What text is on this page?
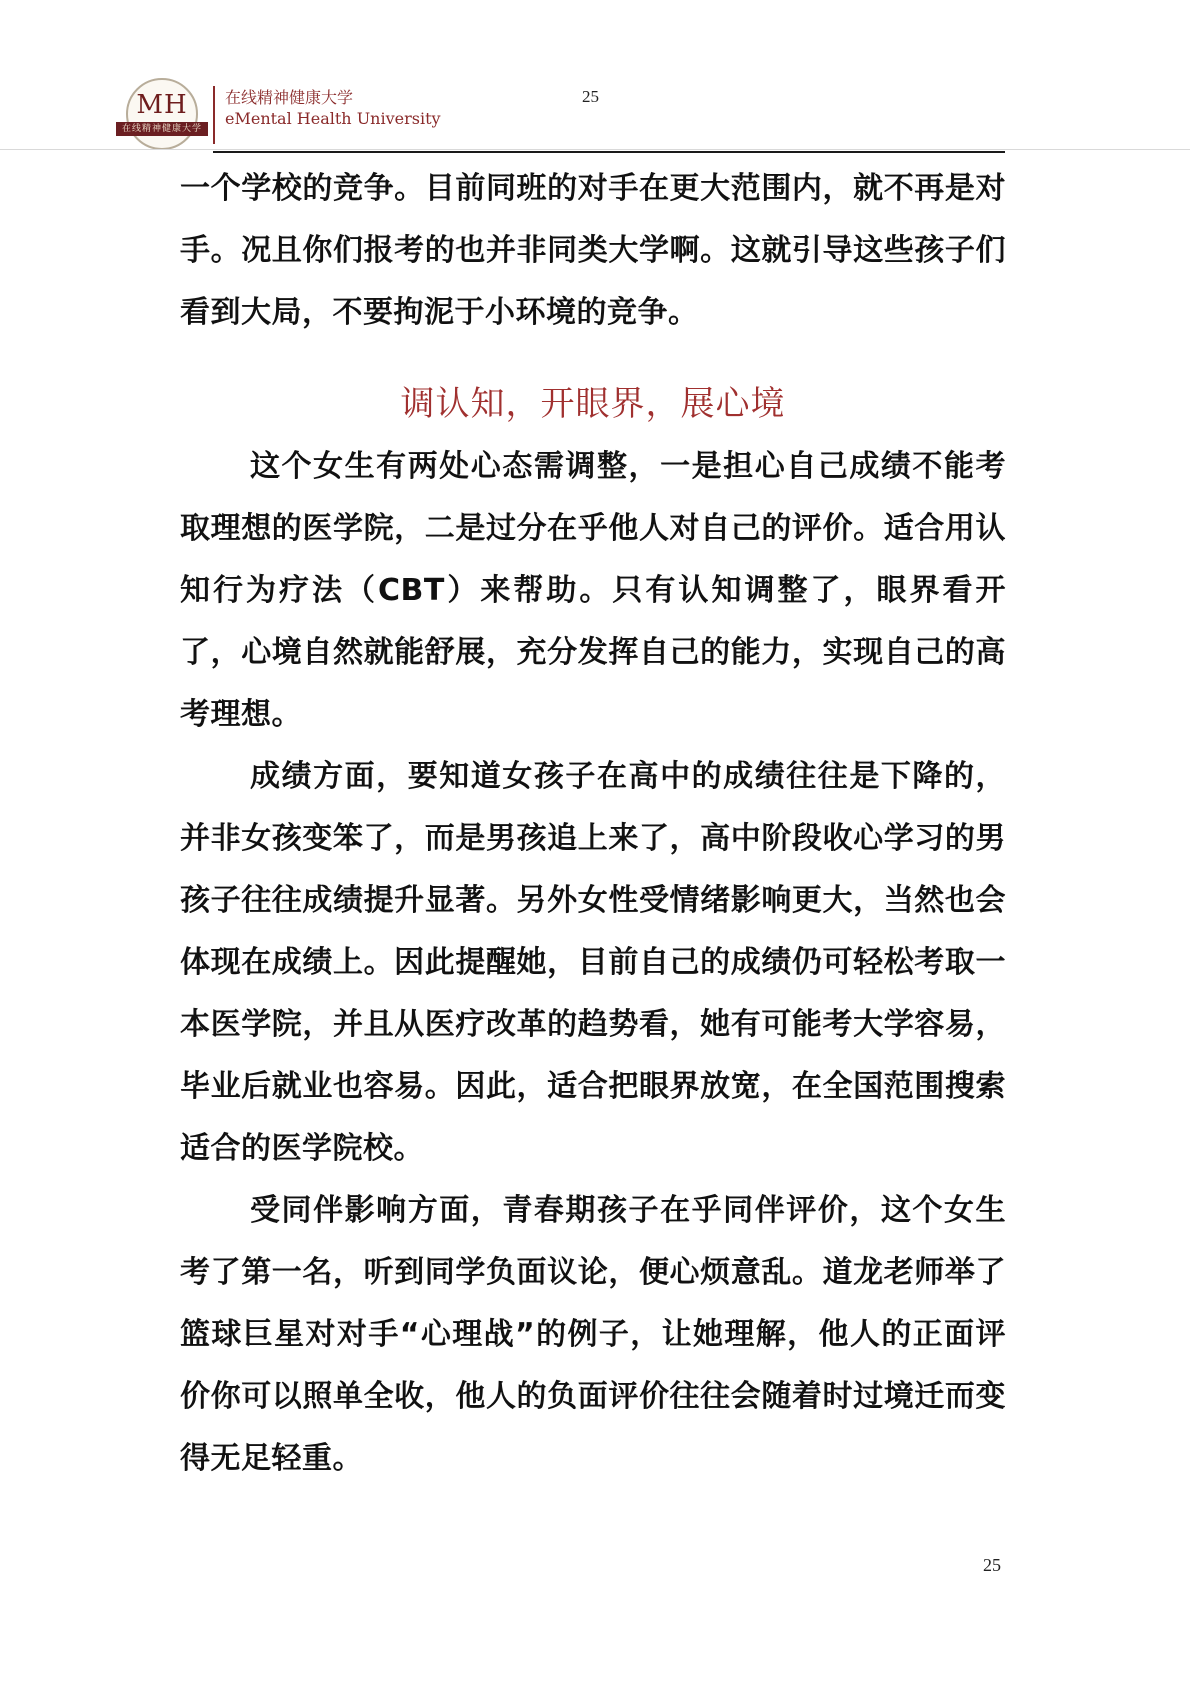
MH
在线精神健康大学
在线精神健康大学
eMental Health University
25

一个学校的竞争。目前同班的对手在更大范围内，就不再是对手。况且你们报考的也并非同类大学啊。这就引导这些孩子们看到大局，不要拘泥于小环境的竞争。

调认知，开眼界，展心境

这个女生有两处心态需调整，一是担心自己成绩不能考取理想的医学院，二是过分在乎他人对自己的评价。适合用认知行为疗法（CBT）来帮助。只有认知调整了，眼界看开了，心境自然就能舒展，充分发挥自己的能力，实现自己的高考理想。

成绩方面，要知道女孩子在高中的成绩往往是下降的，并非女孩变笨了，而是男孩追上来了，高中阶段收心学习的男孩子往往成绩提升显著。另外女性受情绪影响更大，当然也会体现在成绩上。因此提醒她，目前自己的成绩仍可轻松考取一本医学院，并且从医疗改革的趋势看，她有可能考大学容易，毕业后就业也容易。因此，适合把眼界放宽，在全国范围搜索适合的医学院校。

受同伴影响方面，青春期孩子在乎同伴评价，这个女生考了第一名，听到同学负面议论，便心烦意乱。道龙老师举了篮球巨星对对手“心理战”的例子，让她理解，他人的正面评价你可以照单全收，他人的负面评价往往会随着时过境迁而变得无足轻重。

25
